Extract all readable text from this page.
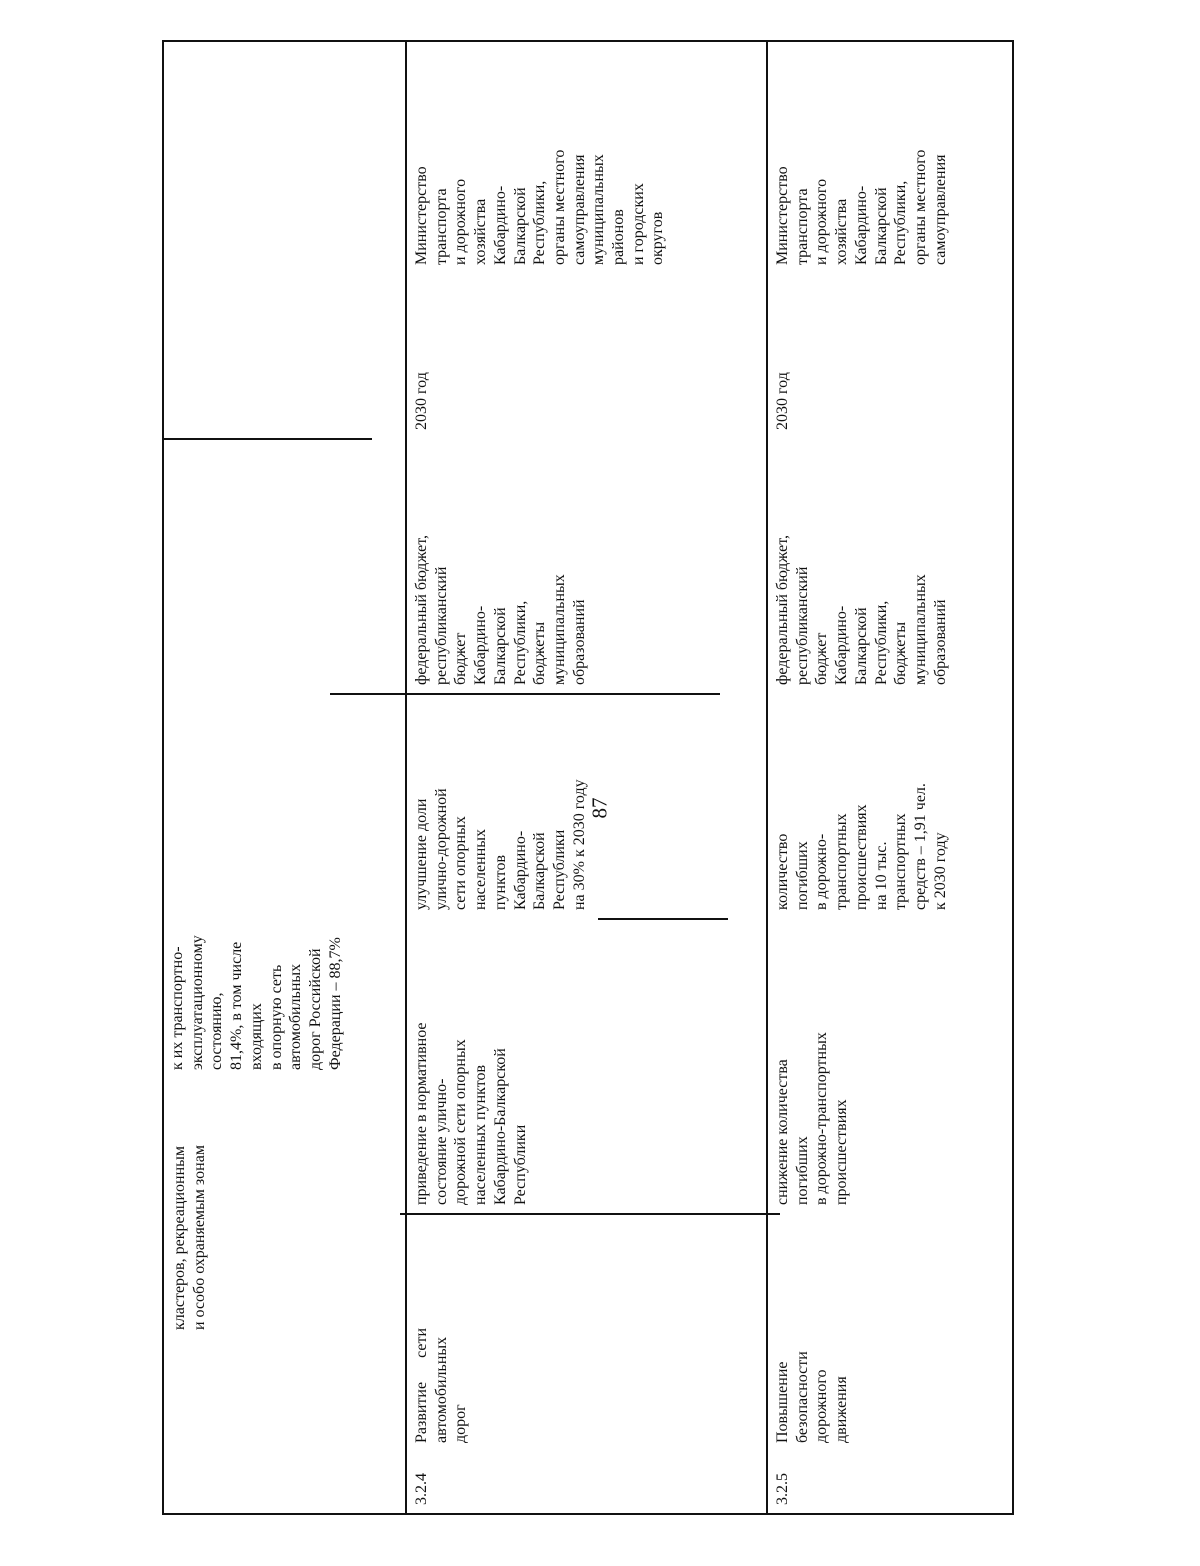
87
кластеров, рекреационным
и особо охраняемым зонам
к их транспортно-
эксплуатационному
состоянию,
81,4%, в том числе
входящих
в опорную сеть
автомобильных
дорог Российской
Федерации – 88,7%
3.2.4
Развитие      сети
автомобильных
дорог
приведение в нормативное
состояние улично-
дорожной сети опорных
населенных пунктов
Кабардино-Балкарской
Республики
улучшение доли
улично-дорожной
сети опорных
населенных
пунктов
Кабардино-
Балкарской
Республики
на 30% к 2030 году
федеральный бюджет,
республиканский
бюджет
Кабардино-
Балкарской
Республики,
бюджеты
муниципальных
образований
2030 год
Министерство
транспорта
и дорожного
хозяйства
Кабардино-
Балкарской
Республики,
органы местного
самоуправления
муниципальных
районов
и городских
округов
3.2.5
Повышение
безопасности
дорожного
движения
снижение количества
погибших
в дорожно-транспортных
происшествиях
количество
погибших
в дорожно-
транспортных
происшествиях
на 10 тыс.
транспортных
средств – 1,91 чел.
к 2030 году
федеральный бюджет,
республиканский
бюджет
Кабардино-
Балкарской
Республики,
бюджеты
муниципальных
образований
2030 год
Министерство
транспорта
и дорожного
хозяйства
Кабардино-
Балкарской
Республики,
органы местного
самоуправления
